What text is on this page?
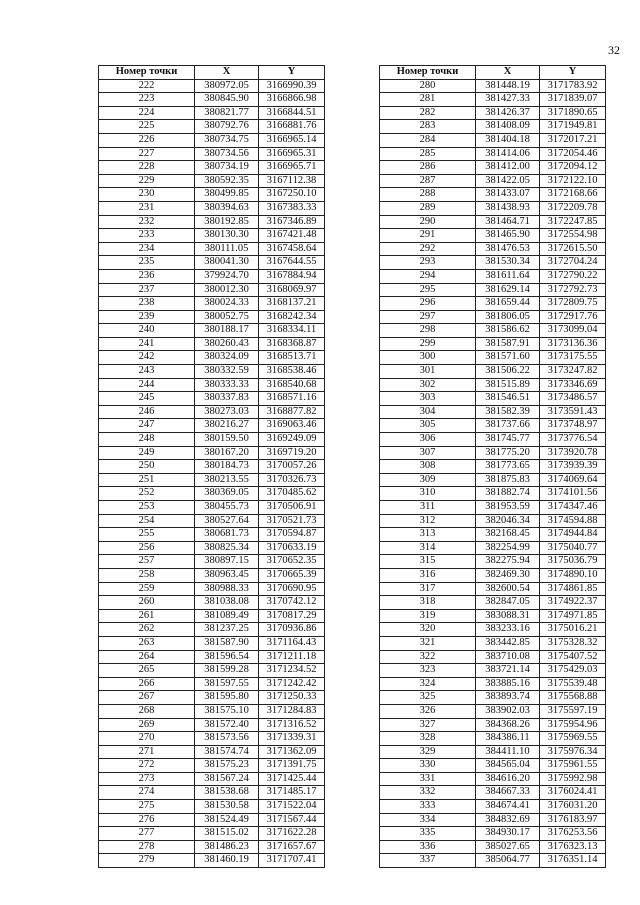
32
Номер точки	X	Y
222	380972.05	3166990.39
223	380845.90	3166866.98
224	380821.77	3166844.51
225	380792.76	3166881.76
226	380734.75	3166965.14
227	380734.56	3166965.31
228	380734.19	3166965.71
229	380592.35	3167112.38
230	380499.85	3167250.10
231	380394.63	3167383.33
232	380192.85	3167346.89
233	380130.30	3167421.48
234	380111.05	3167458.64
235	380041.30	3167644.55
236	379924.70	3167884.94
237	380012.30	3168069.97
238	380024.33	3168137.21
239	380052.75	3168242.34
240	380188.17	3168334.11
241	380260.43	3168368.87
242	380324.09	3168513.71
243	380332.59	3168538.46
244	380333.33	3168540.68
245	380337.83	3168571.16
246	380273.03	3168877.82
247	380216.27	3169063.46
248	380159.50	3169249.09
249	380167.20	3169719.20
250	380184.73	3170057.26
251	380213.55	3170326.73
252	380369.05	3170485.62
253	380455.73	3170506.91
254	380527.64	3170521.73
255	380681.73	3170594.87
256	380825.34	3170633.19
257	380897.15	3170652.35
258	380963.45	3170665.39
259	380988.33	3170690.95
260	381038.08	3170742.12
261	381089.49	3170817.29
262	381237.25	3170936.86
263	381587.90	3171164.43
264	381596.54	3171211.18
265	381599.28	3171234.52
266	381597.55	3171242.42
267	381595.80	3171250.33
268	381575.10	3171284.83
269	381572.40	3171316.52
270	381573.56	3171339.31
271	381574.74	3171362.09
272	381575.23	3171391.75
273	381567.24	3171425.44
274	381538.68	3171485.17
275	381530.58	3171522.04
276	381524.49	3171567.44
277	381515.02	3171622.28
278	381486.23	3171657.67
279	381460.19	3171707.41
Номер точки	X	Y
280	381448.19	3171783.92
281	381427.33	3171839.07
282	381426.37	3171890.65
283	381408.09	3171949.81
284	381404.18	3172017.21
285	381414.06	3172054.46
286	381412.00	3172094.12
287	381422.05	3172122.10
288	381433.07	3172168.66
289	381438.93	3172209.78
290	381464.71	3172247.85
291	381465.90	3172554.98
292	381476.53	3172615.50
293	381530.34	3172704.24
294	381611.64	3172790.22
295	381629.14	3172792.73
296	381659.44	3172809.75
297	381806.05	3172917.76
298	381586.62	3173099.04
299	381587.91	3173136.36
300	381571.60	3173175.55
301	381506.22	3173247.82
302	381515.89	3173346.69
303	381546.51	3173486.57
304	381582.39	3173591.43
305	381737.66	3173748.97
306	381745.77	3173776.54
307	381775.20	3173920.78
308	381773.65	3173939.39
309	381875.83	3174069.64
310	381882.74	3174101.56
311	381953.59	3174347.46
312	382046.34	3174594.88
313	382168.45	3174944.84
314	382254.99	3175040.77
315	382275.94	3175036.79
316	382469.30	3174890.10
317	382600.54	3174861.85
318	382847.05	3174922.37
319	383088.31	3174971.85
320	383233.16	3175016.21
321	383442.85	3175328.32
322	383710.08	3175407.52
323	383721.14	3175429.03
324	383885.16	3175539.48
325	383893.74	3175568.88
326	383902.03	3175597.19
327	384368.26	3175954.96
328	384386.11	3175969.55
329	384411.10	3175976.34
330	384565.04	3175961.55
331	384616.20	3175992.98
332	384667.33	3176024.41
333	384674.41	3176031.20
334	384832.69	3176183.97
335	384930.17	3176253.56
336	385027.65	3176323.13
337	385064.77	3176351.14
